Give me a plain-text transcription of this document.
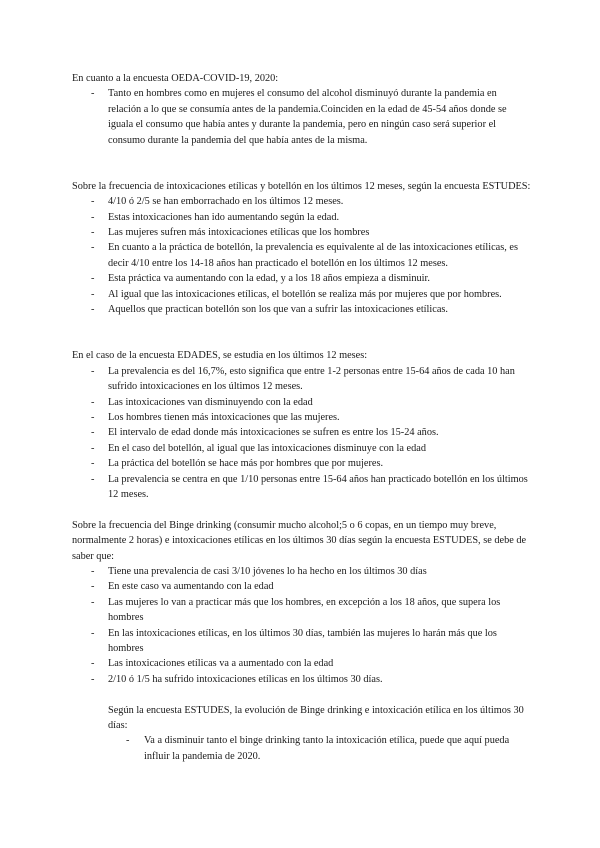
En cuanto a la encuesta OEDA-COVID-19, 2020:

- Tanto en hombres como en mujeres el consumo del alcohol disminuyó durante la pandemia en relación a lo que se consumía antes de la pandemia.Coinciden en la edad de 45-54 años donde se iguala el consumo que había antes y durante la pandemia, pero en ningún caso será superior el consumo durante la pandemia del que había antes de la misma.

Sobre la frecuencia de intoxicaciones etílicas y botellón en los últimos 12 meses, según la encuesta ESTUDES:

- 4/10 ó 2/5 se han emborrachado en los últimos 12 meses.
- Estas intoxicaciones han ido aumentando según la edad.
- Las mujeres sufren más intoxicaciones etílicas que los hombres
- En cuanto a la práctica de botellón, la prevalencia es equivalente al de las intoxicaciones etílicas, es decir 4/10 entre los 14-18 años han practicado el botellón en los últimos 12 meses.
- Esta práctica va aumentando con la edad, y a los 18 años empieza a disminuir.
- Al igual que las intoxicaciones etílicas, el botellón se realiza más por mujeres que por hombres.
- Aquellos que practican botellón son los que van a sufrir las intoxicaciones etílicas.

En el caso de la encuesta EDADES, se estudia en los últimos 12 meses:

- La prevalencia es del 16,7%, esto significa que entre 1-2 personas entre 15-64 años de cada 10 han sufrido intoxicaciones en los últimos 12 meses.
- Las intoxicaciones van disminuyendo con la edad
- Los hombres tienen más intoxicaciones que las mujeres.
- El intervalo de edad donde más intoxicaciones se sufren es entre los 15-24 años.
- En el caso del botellón, al igual que las intoxicaciones disminuye con la edad
- La práctica del botellón se hace más por hombres que por mujeres.
- La prevalencia se centra en que 1/10 personas entre 15-64 años han practicado botellón en los últimos 12 meses.

Sobre la frecuencia del Binge drinking (consumir mucho alcohol;5 o 6 copas, en un tiempo muy breve, normalmente 2 horas) e intoxicaciones etílicas en los últimos 30 días según la encuesta ESTUDES, se debe de saber que:

- Tiene una prevalencia de casi 3/10 jóvenes lo ha hecho en los últimos 30 días
- En este caso va aumentando con la edad
- Las mujeres lo van a practicar más que los hombres, en excepción a los 18 años, que supera los hombres
- En las intoxicaciones etílicas, en los últimos 30 días, también las mujeres lo harán más que los hombres
- Las intoxicaciones etílicas va a aumentado con la edad
- 2/10 ó 1/5 ha sufrido intoxicaciones etílicas en los últimos 30 días.

Según la encuesta ESTUDES, la evolución de Binge drinking e intoxicación etílica en los últimos 30 días:

- Va a disminuir tanto el binge drinking tanto la intoxicación etílica, puede que aquí pueda influir la pandemia de 2020.
